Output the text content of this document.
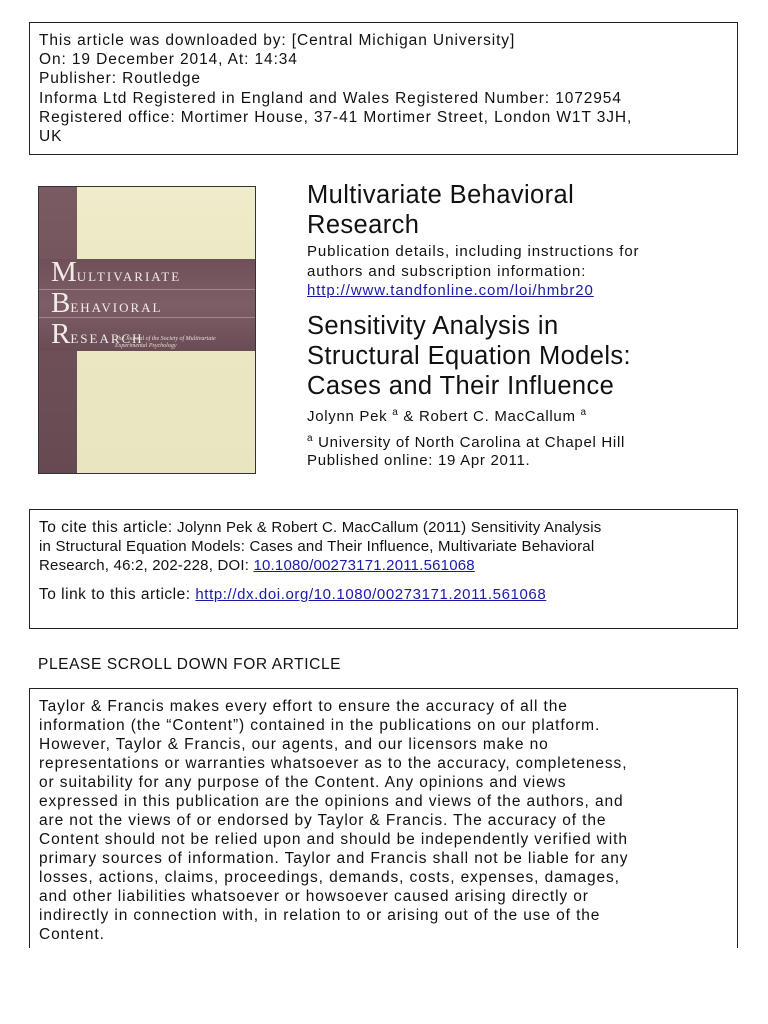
This article was downloaded by: [Central Michigan University]
On: 19 December 2014, At: 14:34
Publisher: Routledge
Informa Ltd Registered in England and Wales Registered Number: 1072954
Registered office: Mortimer House, 37-41 Mortimer Street, London W1T 3JH,
UK
MULTIVARIATE
BEHAVIORAL
RESEARCH
The Journal of the Society of Multivariate Experimental Psychology
Multivariate Behavioral
Research
Publication details, including instructions for
authors and subscription information:
http://www.tandfonline.com/loi/hmbr20
Sensitivity Analysis in
Structural Equation Models:
Cases and Their Influence
Jolynn Pek $^a$ & Robert C. MacCallum $^a$
$^a$ University of North Carolina at Chapel Hill
Published online: 19 Apr 2011.
To cite this article: Jolynn Pek & Robert C. MacCallum (2011) Sensitivity Analysis
in Structural Equation Models: Cases and Their Influence, Multivariate Behavioral
Research, 46:2, 202-228, DOI: 10.1080/00273171.2011.561068
To link to this article: http://dx.doi.org/10.1080/00273171.2011.561068
PLEASE SCROLL DOWN FOR ARTICLE
Taylor & Francis makes every effort to ensure the accuracy of all the
information (the “Content”) contained in the publications on our platform.
However, Taylor & Francis, our agents, and our licensors make no
representations or warranties whatsoever as to the accuracy, completeness,
or suitability for any purpose of the Content. Any opinions and views
expressed in this publication are the opinions and views of the authors, and
are not the views of or endorsed by Taylor & Francis. The accuracy of the
Content should not be relied upon and should be independently verified with
primary sources of information. Taylor and Francis shall not be liable for any
losses, actions, claims, proceedings, demands, costs, expenses, damages,
and other liabilities whatsoever or howsoever caused arising directly or
indirectly in connection with, in relation to or arising out of the use of the
Content.
